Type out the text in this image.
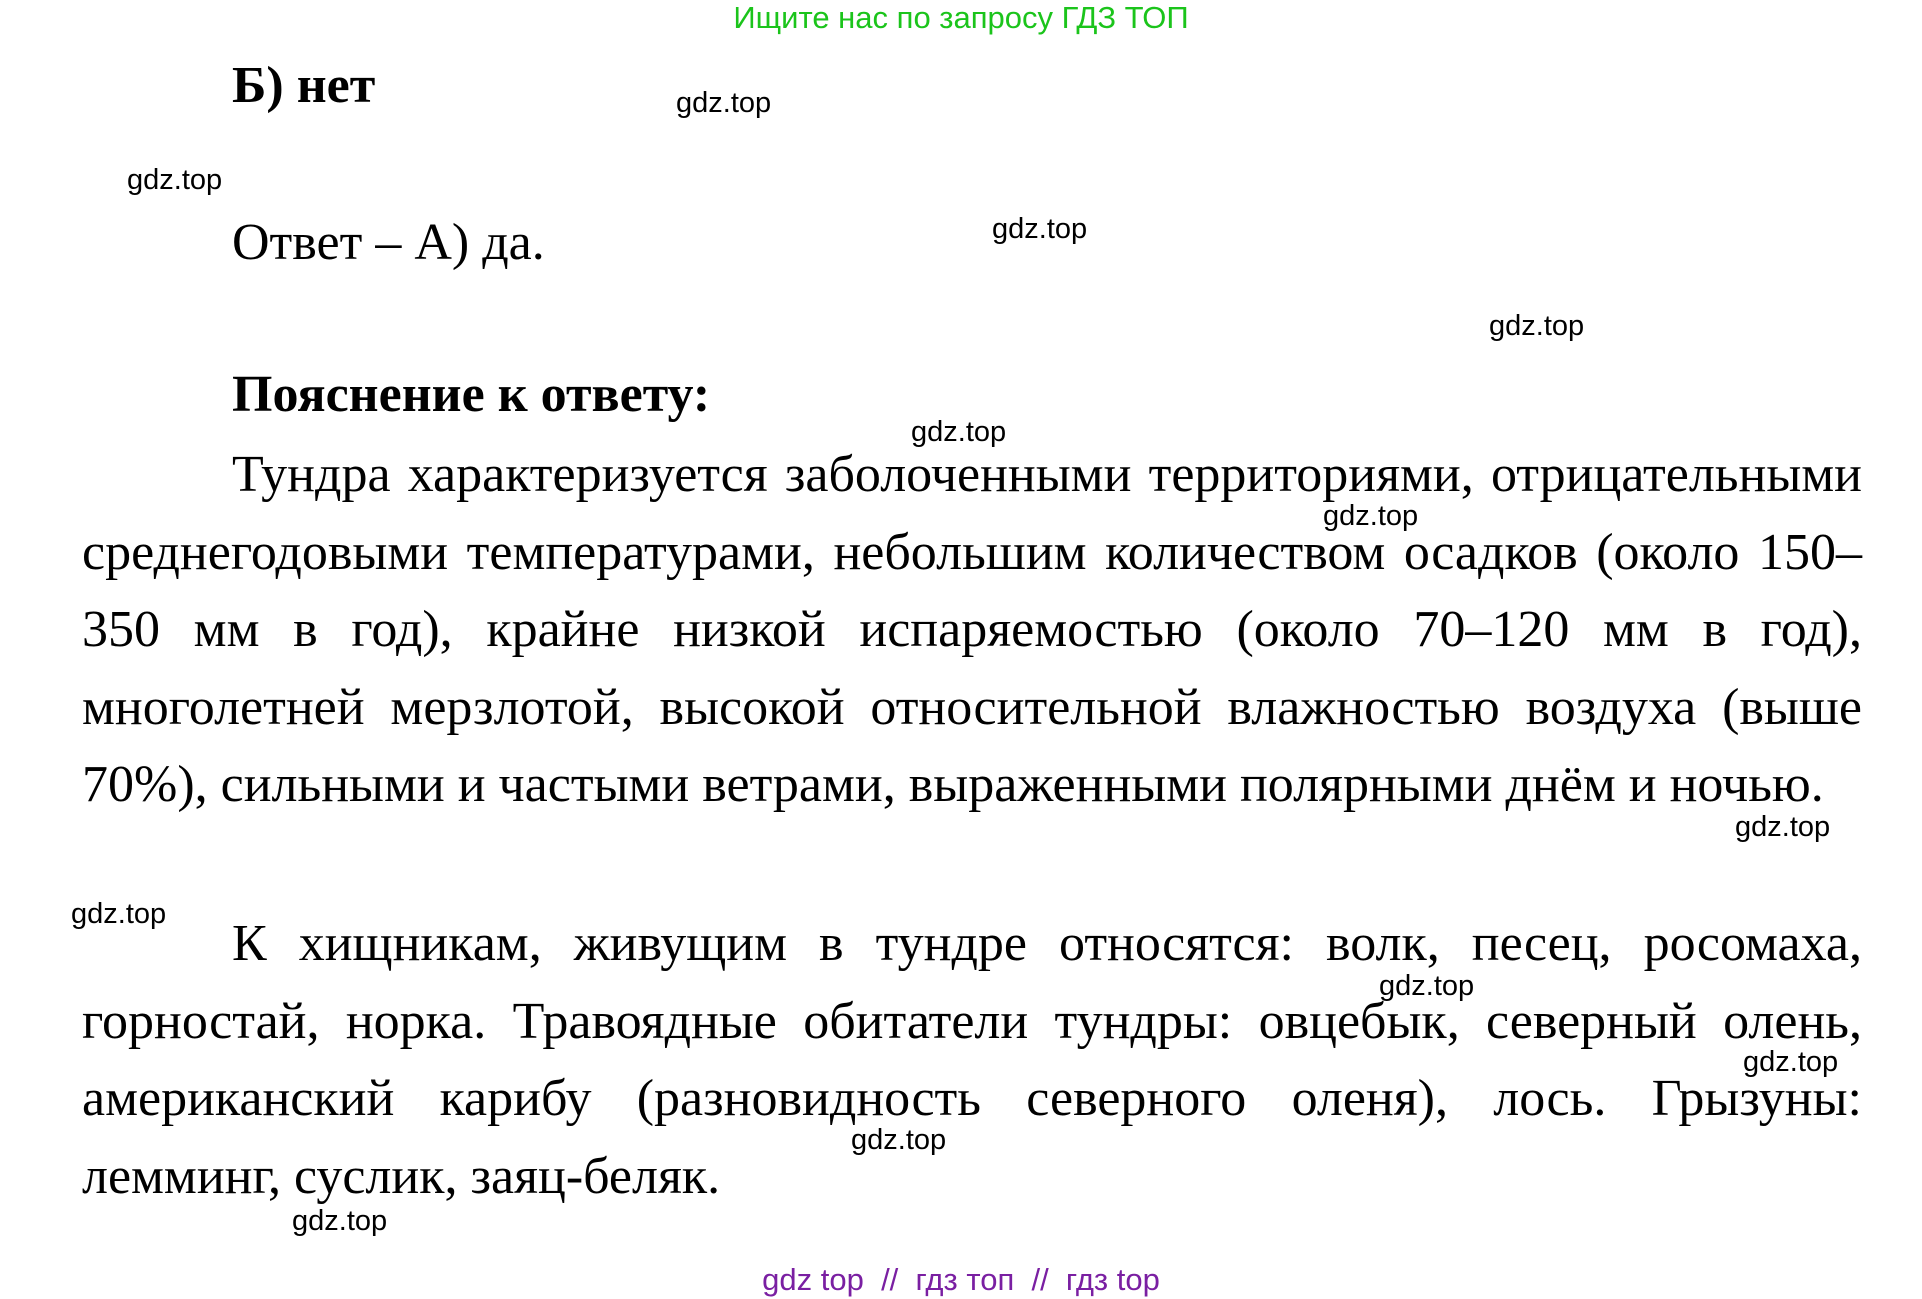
Ищите нас по запросу ГДЗ ТОП
Б) нет
Ответ – А) да.
Пояснение к ответу:

Тундра характеризуется заболоченными территориями, отрицательными среднегодовыми температурами, небольшим количеством осадков (около 150–350 мм в год), крайне низкой испаряемостью (около 70–120 мм в год), многолетней мерзлотой, высокой относительной влажностью воздуха (выше 70%), сильными и частыми ветрами, выраженными полярными днём и ночью.

К хищникам, живущим в тундре относятся: волк, песец, росомаха, горностай, норка. Травоядные обитатели тундры: овцебык, северный олень, американский карибу (разновидность северного оленя), лось. Грызуны: лемминг, суслик, заяц-беляк.

gdz.top
gdz.top
gdz.top
gdz.top
gdz.top
gdz.top
gdz.top
gdz.top
gdz.top
gdz.top
gdz.top
gdz.top
gdz top  //  гдз топ  //  гдз top
